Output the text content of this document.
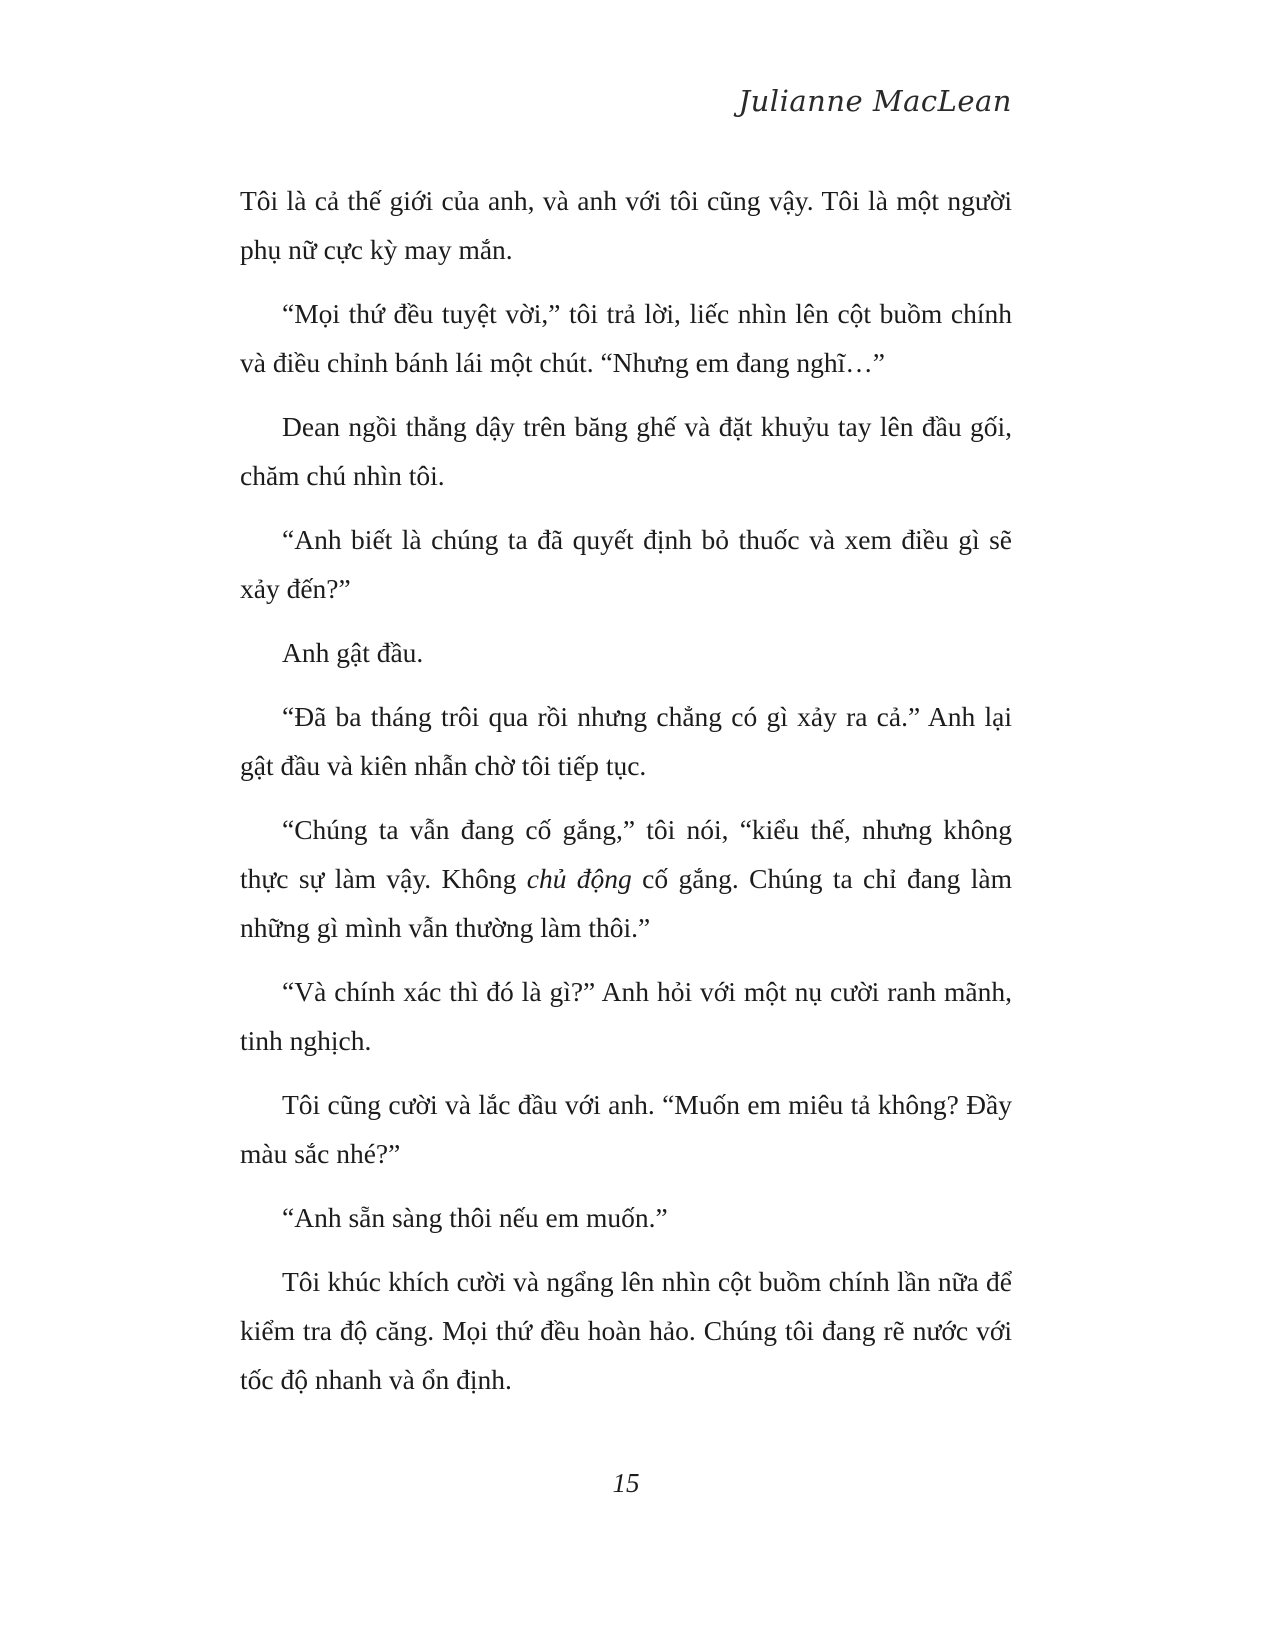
Julianne MacLean

Tôi là cả thế giới của anh, và anh với tôi cũng vậy. Tôi là một người phụ nữ cực kỳ may mắn.

“Mọi thứ đều tuyệt vời,” tôi trả lời, liếc nhìn lên cột buồm chính và điều chỉnh bánh lái một chút. “Nhưng em đang nghĩ…”

Dean ngồi thẳng dậy trên băng ghế và đặt khuỷu tay lên đầu gối, chăm chú nhìn tôi.

“Anh biết là chúng ta đã quyết định bỏ thuốc và xem điều gì sẽ xảy đến?”

Anh gật đầu.

“Đã ba tháng trôi qua rồi nhưng chẳng có gì xảy ra cả.” Anh lại gật đầu và kiên nhẫn chờ tôi tiếp tục.

“Chúng ta vẫn đang cố gắng,” tôi nói, “kiểu thế, nhưng không thực sự làm vậy. Không chủ động cố gắng. Chúng ta chỉ đang làm những gì mình vẫn thường làm thôi.”

“Và chính xác thì đó là gì?” Anh hỏi với một nụ cười ranh mãnh, tinh nghịch.

Tôi cũng cười và lắc đầu với anh. “Muốn em miêu tả không? Đầy màu sắc nhé?”

“Anh sẵn sàng thôi nếu em muốn.”

Tôi khúc khích cười và ngẩng lên nhìn cột buồm chính lần nữa để kiểm tra độ căng. Mọi thứ đều hoàn hảo. Chúng tôi đang rẽ nước với tốc độ nhanh và ổn định.

15
